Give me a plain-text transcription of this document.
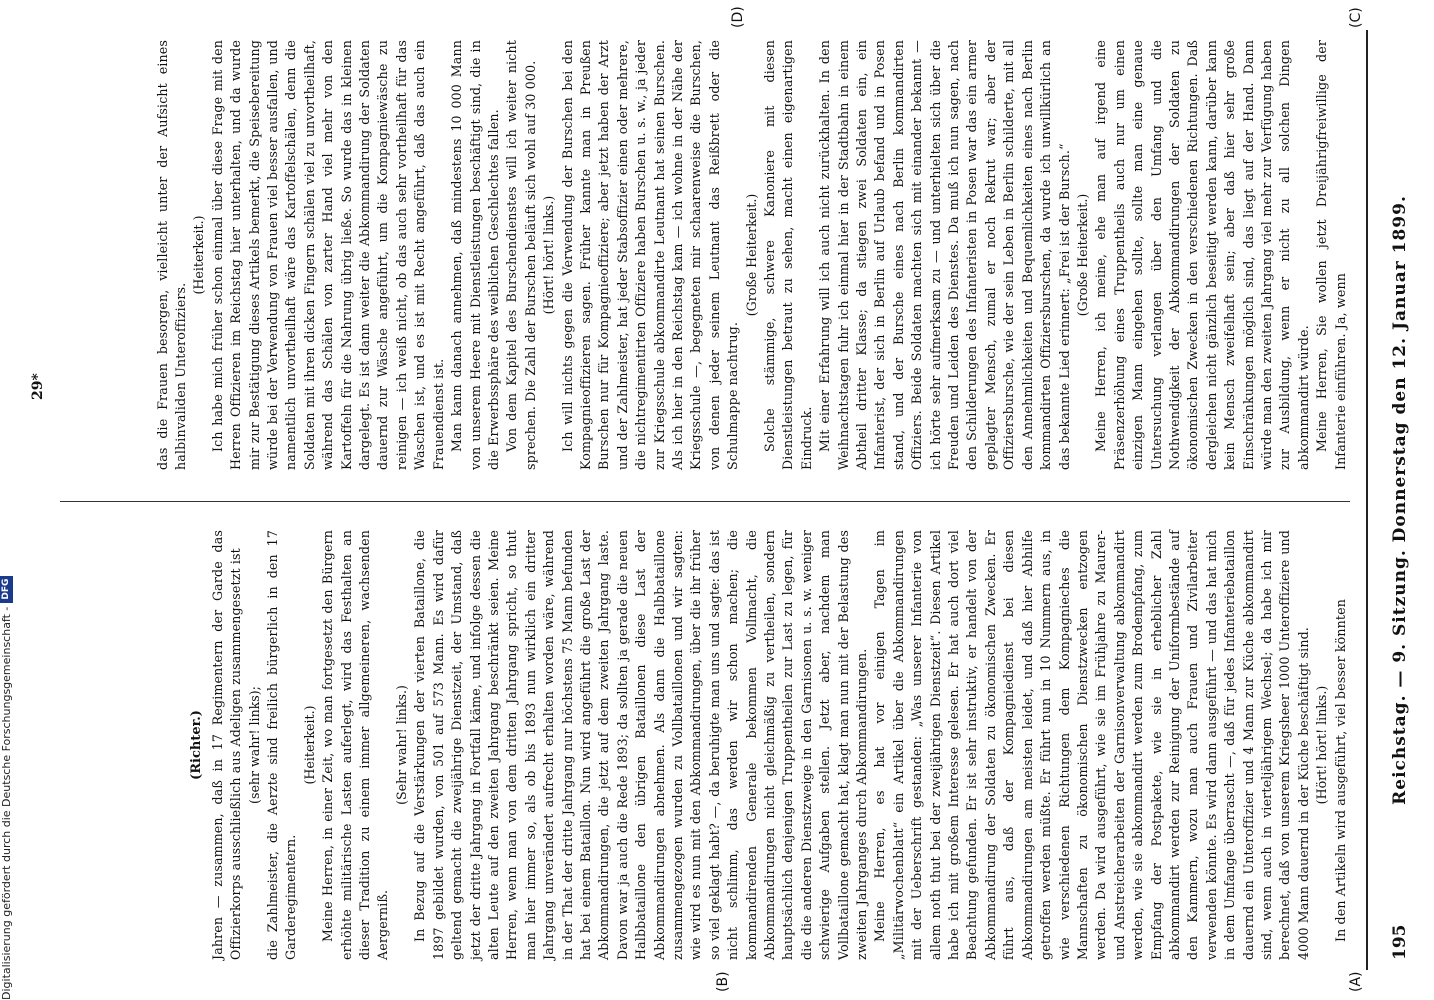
195
Reichstag. — 9. Sitzung. Donnerstag den 12. Januar 1899.
(A)
(B)
(C)
(D)

(Richter.) Jahren — zusammen, daß in 17 Regimentern der Garde das Offizierkorps ausschließlich aus Adeligen zusammengesetzt ist (sehr wahr! links); die Zahlmeister, die Aerzte sind freilich bürgerlich in den 17 Garderegimentern.

(Heiterkeit.) Meine Herren, in einer Zeit, wo man fortgesetzt den Bürgern erhöhte militärische Lasten auferlegt, wird das Festhalten an dieser Tradition zu einem immer allgemeineren, wachsenden Aergerniß.

(Sehr wahr! links.) In Bezug auf die Verstärkungen der vierten Bataillone, die 1897 gebildet wurden, von 501 auf 573 Mann. Es wird dafür geltend gemacht die zweijährige Dienstzeit, der Umstand, daß jetzt der dritte Jahrgang in Fortfall käme, und infolge dessen die alten Leute auf den zweiten Jahrgang beschränkt seien. Meine Herren, wenn man von dem dritten Jahrgang spricht, so thut man hier immer so, als ob bis 1893 nun wirklich ein dritter Jahrgang unverändert aufrecht erhalten worden wäre, während in der That der dritte Jahrgang nur höchstens 75 Mann befunden hat bei einem Bataillon. Nun wird angeführt die große Last der Abkommandirungen, die jetzt auf dem zweiten Jahrgang laste. Davon war ja auch die Rede 1893; da sollten ja gerade die neuen Halbbataillone den übrigen Bataillonen diese Last der Abkommandirungen abnehmen. Als dann die Halbbataillone zusammengezogen wurden zu Vollbataillonen und wir sagten: wie wird es nun mit den Abkommandirungen, über die ihr früher so viel geklagt habt? —, da beruhigte man uns und sagte: das ist nicht schlimm, das werden wir schon machen; die kommandirenden Generale bekommen Vollmacht, die Abkommandirungen nicht gleichmäßig zu vertheilen, sondern hauptsächlich denjenigen Truppentheilen zur Last zu legen, für die die anderen Dienstzweige in den Garnisonen u. s. w. weniger schwierige Aufgaben stellen. Jetzt aber, nachdem man Vollbataillone gemacht hat, klagt man nun mit der Belastung des zweiten Jahrganges durch Abkommandirungen. Meine Herren, es hat vor einigen Tagen im „Militärwochenblatt“ ein Artikel über die Abkommandirungen mit der Ueberschrift gestanden: „Was unserer Infanterie von allem noth thut bei der zweijährigen Dienstzeit“. Diesen Artikel habe ich mit großem Interesse gelesen. Er hat auch dort viel Beachtung gefunden. Er ist sehr instruktiv, er handelt von der Abkommandirung der Soldaten zu ökonomischen Zwecken. Er führt aus, daß der Kompagniedienst bei diesen Abkommandirungen am meisten leidet, und daß hier Abhilfe getroffen werden müßte. Er führt nun in 10 Nummern aus, in wie verschiedenen Richtungen dem Kompagnieches die Mannschaften zu ökonomischen Dienstzwecken entzogen werden. Da wird ausgeführt, wie sie im Frühjahre zu Maurer- und Anstreicherarbeiten der Garnisonverwaltung abkommandirt werden, wie sie abkommandirt werden zum Brodempfang, zum Empfang der Postpakete, wie sie in erheblicher Zahl abkommandirt werden zur Reinigung der Uniformbestände auf den Kammern, wozu man auch Frauen und Zivilarbeiter verwenden könnte. Es wird dann ausgeführt — und das hat mich in dem Umfange überrascht —, daß für jedes Infanteriebataillon dauernd ein Unteroffizier und 4 Mann zur Küche abkommandirt sind, wenn auch in vierteljährigem Wechsel; da habe ich mir berechnet, daß von unserem Kriegsheer 1000 Unteroffiziere und 4000 Mann dauernd in der Küche beschäftigt sind. (Hört! hört! links.) In den Artikeln wird ausgeführt, viel besser könnten

das die Frauen besorgen, vielleicht unter der Aufsicht eines halbinvaliden Unteroffiziers.

(Heiterkeit.) Ich habe mich früher schon einmal über diese Frage mit den Herren Offizieren im Reichstag hier unterhalten, und da wurde mir zur Bestätigung dieses Artikels bemerkt, die Speisebereitung würde bei der Verwendung von Frauen viel besser ausfallen, und namentlich unvortheilhaft wäre das Kartoffelschälen, denn die Soldaten mit ihren dicken Fingern schälen viel zu unvortheilhaft, während das Schälen von zarter Hand viel mehr von den Kartoffeln für die Nahrung übrig ließe. So wurde das in kleinen dargelegt. Es ist dann weiter die Abkommandirung der Soldaten dauernd zur Wäsche angeführt, um die Kompagniewäsche zu reinigen — ich weiß nicht, ob das auch sehr vortheilhaft für das Waschen ist, und es ist mit Recht angeführt, daß das auch ein Frauendienst ist. Man kann danach annehmen, daß mindestens 10 000 Mann von unserem Heere mit Dienstleistungen beschäftigt sind, die in die Erwerbssphäre des weiblichen Geschlechtes fallen. Von dem Kapitel des Burschendienstes will ich weiter nicht sprechen. Die Zahl der Burschen beläuft sich wohl auf 30 000. (Hört! hört! links.) Ich will nichts gegen die Verwendung der Burschen bei den Kompagnieoffizieren sagen. Früher kannte man in Preußen Burschen nur für Kompagnieoffiziere; aber jetzt haben der Arzt und der Zahlmeister, hat jeder Stabsoffizier einen oder mehrere, die nichtregimentirten Offiziere haben Burschen u. s. w., ja jeder zur Kriegsschule abkommandirte Leutnant hat seinen Burschen. Als ich hier in den Reichstag kam — ich wohne in der Nähe der Kriegsschule —, begegneten mir schaarenweise die Burschen, von denen jeder seinem Leutnant das Reißbrett oder die Schulmappe nachtrug.

(Große Heiterkeit.) Solche stämmige, schwere Kanoniere mit diesen Dienstleistungen betraut zu sehen, macht einen eigenartigen Eindruck. Mit einer Erfahrung will ich auch nicht zurückhalten. In den Weihnachtstagen fuhr ich einmal hier in der Stadtbahn in einem Abtheil dritter Klasse; da stiegen zwei Soldaten ein, ein Infanterist, der sich in Berlin auf Urlaub befand und in Posen stand, und der Bursche eines nach Berlin kommandirten Offiziers. Beide Soldaten machten sich mit einander bekannt — ich hörte sehr aufmerksam zu — und unterhielten sich über die Freuden und Leiden des Dienstes. Da muß ich nun sagen, nach den Schilderungen des Infanteristen in Posen war das ein armer geplagter Mensch, zumal er noch Rekrut war; aber der Offiziersbursche, wie der sein Leben in Berlin schilderte, mit all den Annehmlichkeiten und Bequemlichkeiten eines nach Berlin kommandirten Offiziersburschen, da wurde ich unwillkürlich an das bekannte Lied erinnert: „Frei ist der Bursch.“ (Große Heiterkeit.) Meine Herren, ich meine, ehe man auf irgend eine Präsenzerhöhung eines Truppentheils auch nur um einen einzigen Mann eingehen sollte, sollte man eine genaue Untersuchung verlangen über den Umfang und die Nothwendigkeit der Abkommandirungen der Soldaten zu ökonomischen Zwecken in den verschiedenen Richtungen. Daß dergleichen nicht gänzlich beseitigt werden kann, darüber kann kein Mensch zweifelhaft sein; aber daß hier sehr große Einschränkungen möglich sind, das liegt auf der Hand. Dann würde man den zweiten Jahrgang viel mehr zur Verfügung haben zur Ausbildung, wenn er nicht zu all solchen Dingen abkommandirt würde. Meine Herren, Sie wollen jetzt Dreijährigfreiwillige der Infanterie einführen. Ja, wenn

29*
Digitalisierung gefördert durch die Deutsche Forschungsgemeinschaft -
DFG
